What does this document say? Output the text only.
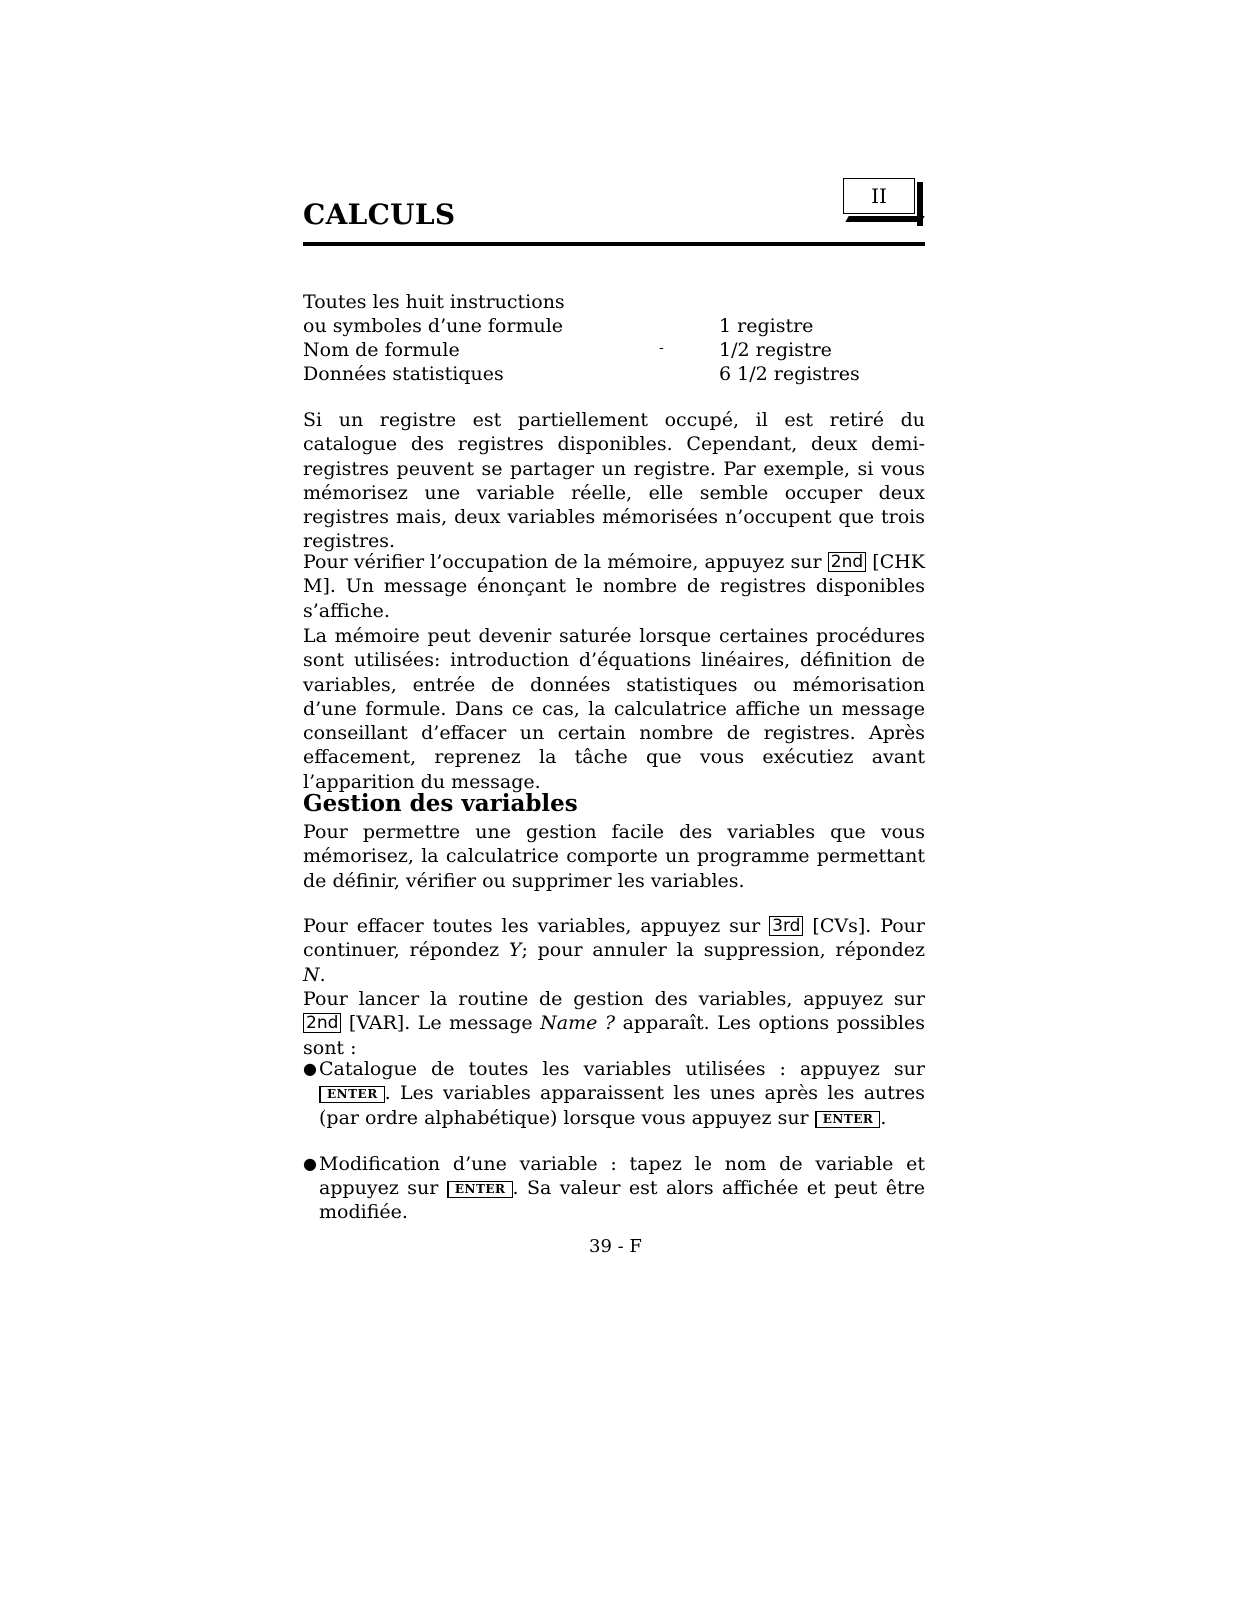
CALCULS
II
Toutes les huit instructions
ou symboles d’une formule	1 registre
Nom de formule	-	1/2 registre
Données statistiques	6 1/2 registres

Si un registre est partiellement occupé, il est retiré du catalogue des registres disponibles. Cependant, deux demi-registres peuvent se partager un registre. Par exemple, si vous mémorisez une variable réelle, elle semble occuper deux registres mais, deux variables mémorisées n’occupent que trois registres.

Pour vérifier l’occupation de la mémoire, appuyez sur 2nd [CHK M]. Un message énonçant le nombre de registres disponibles s’affiche.

La mémoire peut devenir saturée lorsque certaines procédures sont utilisées: introduction d’équations linéaires, définition de variables, entrée de données statistiques ou mémorisation d’une formule. Dans ce cas, la calculatrice affiche un message conseillant d’effacer un certain nombre de registres. Après effacement, reprenez la tâche que vous exécutiez avant l’apparition du message.

Gestion des variables

Pour permettre une gestion facile des variables que vous mémorisez, la calculatrice comporte un programme permettant de définir, vérifier ou supprimer les variables.

Pour effacer toutes les variables, appuyez sur 3rd [CVs]. Pour continuer, répondez Y; pour annuler la suppression, répondez N.

Pour lancer la routine de gestion des variables, appuyez sur 2nd [VAR]. Le message Name ? apparaît. Les options possibles sont :

● Catalogue de toutes les variables utilisées : appuyez sur ENTER . Les variables apparaissent les unes après les autres (par ordre alphabétique) lorsque vous appuyez sur ENTER .
● Modification d’une variable : tapez le nom de variable et appuyez sur ENTER . Sa valeur est alors affichée et peut être modifiée.
39 - F
